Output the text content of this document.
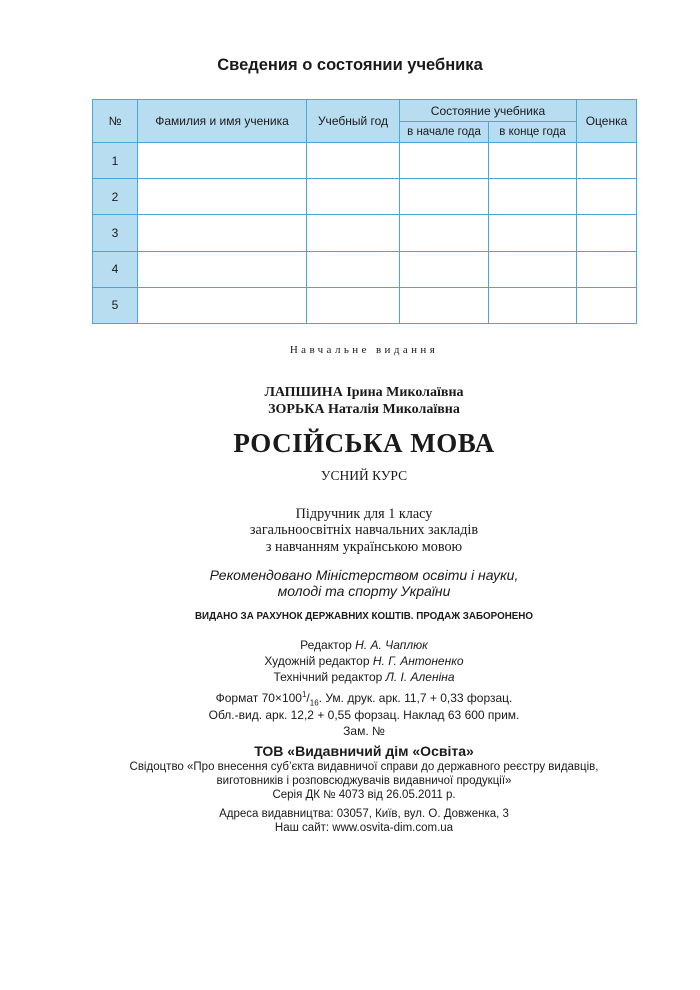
Сведения о состоянии учебника
№	Фамилия и имя ученика	Учебный год	Состояние учебника		Оценка
			в начале года	в конце года	
1					
2					
3					
4					
5					
Навчальне видання
ЛАПШИНА Ірина Миколаївна
ЗОРЬКА Наталія Миколаївна
РОСІЙСЬКА МОВА
УСНИЙ КУРС
Підручник для 1 класу
загальноосвітніх навчальних закладів
з навчанням українською мовою
Рекомендовано Міністерством освіти і науки,
молоді та спорту України
ВИДАНО ЗА РАХУНОК ДЕРЖАВНИХ КОШТІВ. ПРОДАЖ ЗАБОРОНЕНО
Редактор Н. А. Чаплюк
Художній редактор Н. Г. Антоненко
Технічний редактор Л. І. Аленіна
Формат $70\times 100^1/_{16}$. Ум. друк. арк. 11,7 + 0,33 форзац.
Обл.-вид. арк. 12,2 + 0,55 форзац. Наклад 63 600 прим.
Зам. №
ТОВ «Видавничий дім «Освіта»
Свідоцтво «Про внесення суб’єкта видавничої справи до державного реєстру видавців,
виготовників і розповсюджувачів видавничої продукції»
Серія ДК № 4073 від 26.05.2011 р.
Адреса видавництва: 03057, Київ, вул. О. Довженка, 3
Наш сайт: www.osvita-dim.com.ua
